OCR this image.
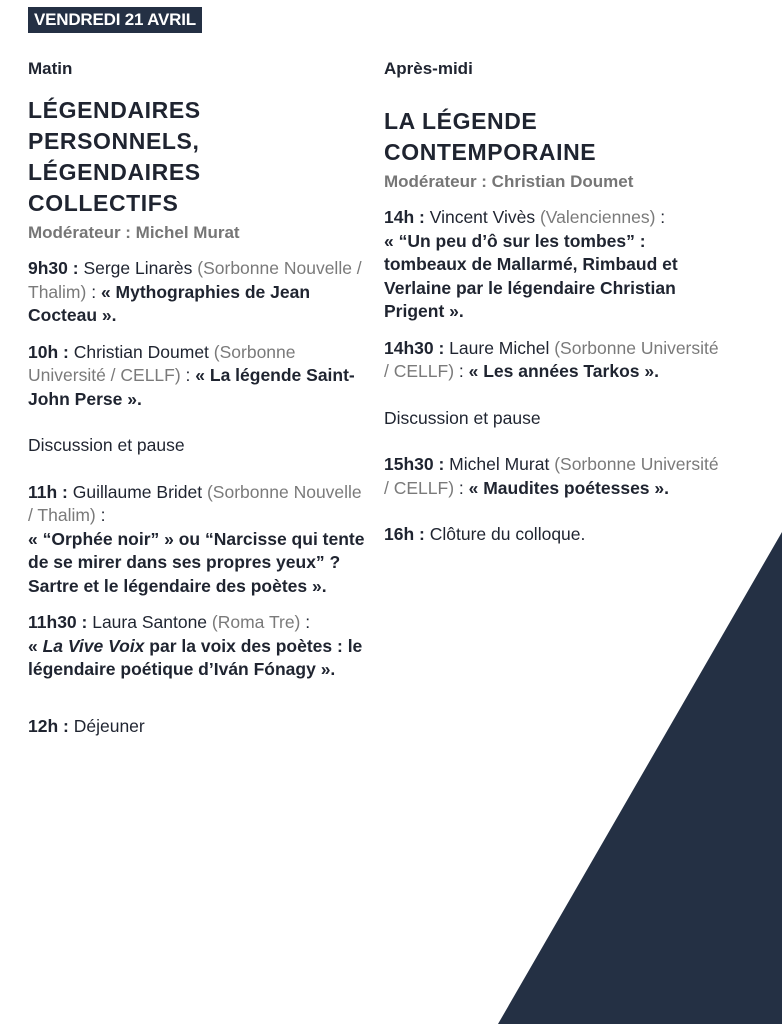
VENDREDI 21 AVRIL
Matin
LÉGENDAIRES
PERSONNELS,
LÉGENDAIRES
COLLECTIFS
Modérateur : Michel Murat
9h30 : Serge Linarès (Sorbonne Nouvelle / Thalim) : « Mythographies de Jean Cocteau ».
10h : Christian Doumet (Sorbonne Université / CELLF) : « La légende Saint-John Perse ».
Discussion et pause
11h : Guillaume Bridet (Sorbonne Nouvelle / Thalim) :
« “Orphée noir” » ou “Narcisse qui tente de se mirer dans ses propres yeux” ? Sartre et le légendaire des poètes ».
11h30 : Laura Santone (Roma Tre) :
« La Vive Voix par la voix des poètes : le légendaire poétique d’Iván Fónagy ».
12h : Déjeuner
Après-midi
LA LÉGENDE
CONTEMPORAINE
Modérateur : Christian Doumet
14h : Vincent Vivès (Valenciennes) :
« “Un peu d’ô sur les tombes” : tombeaux de Mallarmé, Rimbaud et Verlaine par le légendaire Christian Prigent ».
14h30 : Laure Michel (Sorbonne Université / CELLF) : « Les années Tarkos ».
Discussion et pause
15h30 : Michel Murat (Sorbonne Université / CELLF) : « Maudites poétesses ».
16h : Clôture du colloque.
